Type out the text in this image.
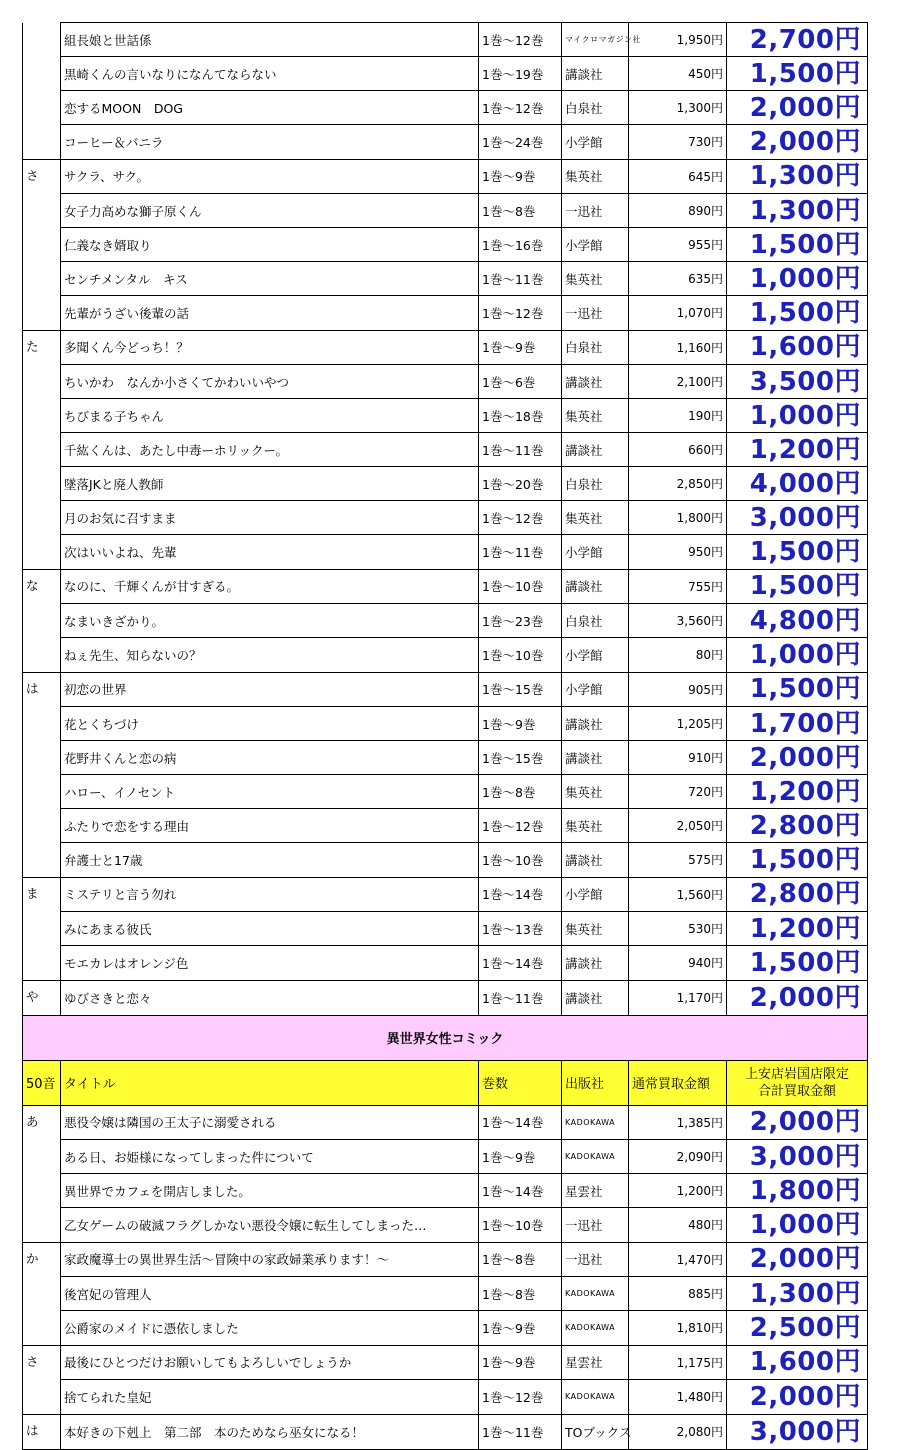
	組長娘と世話係	1巻～12巻	マイクロマガジン社	1,950円	2,700円
	黒崎くんの言いなりになんてならない	1巻～19巻	講談社	450円	1,500円
	恋するMOON　DOG	1巻～12巻	白泉社	1,300円	2,000円
	コーヒー＆バニラ	1巻～24巻	小学館	730円	2,000円
さ	サクラ、サク。	1巻～9巻	集英社	645円	1,300円
	女子力高めな獅子原くん	1巻～8巻	一迅社	890円	1,300円
	仁義なき婿取り	1巻～16巻	小学館	955円	1,500円
	センチメンタル　キス	1巻～11巻	集英社	635円	1,000円
	先輩がうざい後輩の話	1巻～12巻	一迅社	1,070円	1,500円
た	多聞くん今どっち！？	1巻～9巻	白泉社	1,160円	1,600円
	ちいかわ　なんか小さくてかわいいやつ	1巻～6巻	講談社	2,100円	3,500円
	ちびまる子ちゃん	1巻～18巻	集英社	190円	1,000円
	千紘くんは、あたし中毒ーホリックー。	1巻～11巻	講談社	660円	1,200円
	墜落JKと廃人教師	1巻～20巻	白泉社	2,850円	4,000円
	月のお気に召すまま	1巻～12巻	集英社	1,800円	3,000円
	次はいいよね、先輩	1巻～11巻	小学館	950円	1,500円
な	なのに、千輝くんが甘すぎる。	1巻～10巻	講談社	755円	1,500円
	なまいきざかり。	1巻～23巻	白泉社	3,560円	4,800円
	ねぇ先生、知らないの？	1巻～10巻	小学館	80円	1,000円
は	初恋の世界	1巻～15巻	小学館	905円	1,500円
	花とくちづけ	1巻～9巻	講談社	1,205円	1,700円
	花野井くんと恋の病	1巻～15巻	講談社	910円	2,000円
	ハロー、イノセント	1巻～8巻	集英社	720円	1,200円
	ふたりで恋をする理由	1巻～12巻	集英社	2,050円	2,800円
	弁護士と17歳	1巻～10巻	講談社	575円	1,500円
ま	ミステリと言う勿れ	1巻～14巻	小学館	1,560円	2,800円
	みにあまる彼氏	1巻～13巻	集英社	530円	1,200円
	モエカレはオレンジ色	1巻～14巻	講談社	940円	1,500円
や	ゆびさきと恋々	1巻～11巻	講談社	1,170円	2,000円
異世界女性コミック					
50音	タイトル	巻数	出版社	通常買取金額	上安店岩国店限定
合計買取金額

あ	悪役令嬢は隣国の王太子に溺愛される	1巻～14巻	KADOKAWA	1,385円	2,000円
	ある日、お姫様になってしまった件について	1巻～9巻	KADOKAWA	2,090円	3,000円
	異世界でカフェを開店しました。	1巻～14巻	星雲社	1,200円	1,800円
	乙女ゲームの破滅フラグしかない悪役令嬢に転生してしまった…	1巻～10巻	一迅社	480円	1,000円
か	家政魔導士の異世界生活～冒険中の家政婦業承ります！～	1巻～8巻	一迅社	1,470円	2,000円
	後宮妃の管理人	1巻～8巻	KADOKAWA	885円	1,300円
	公爵家のメイドに憑依しました	1巻～9巻	KADOKAWA	1,810円	2,500円
さ	最後にひとつだけお願いしてもよろしいでしょうか	1巻～9巻	星雲社	1,175円	1,600円
	捨てられた皇妃	1巻～12巻	KADOKAWA	1,480円	2,000円
は	本好きの下剋上　第二部　本のためなら巫女になる！	1巻～11巻	TOブックス	2,080円	3,000円
